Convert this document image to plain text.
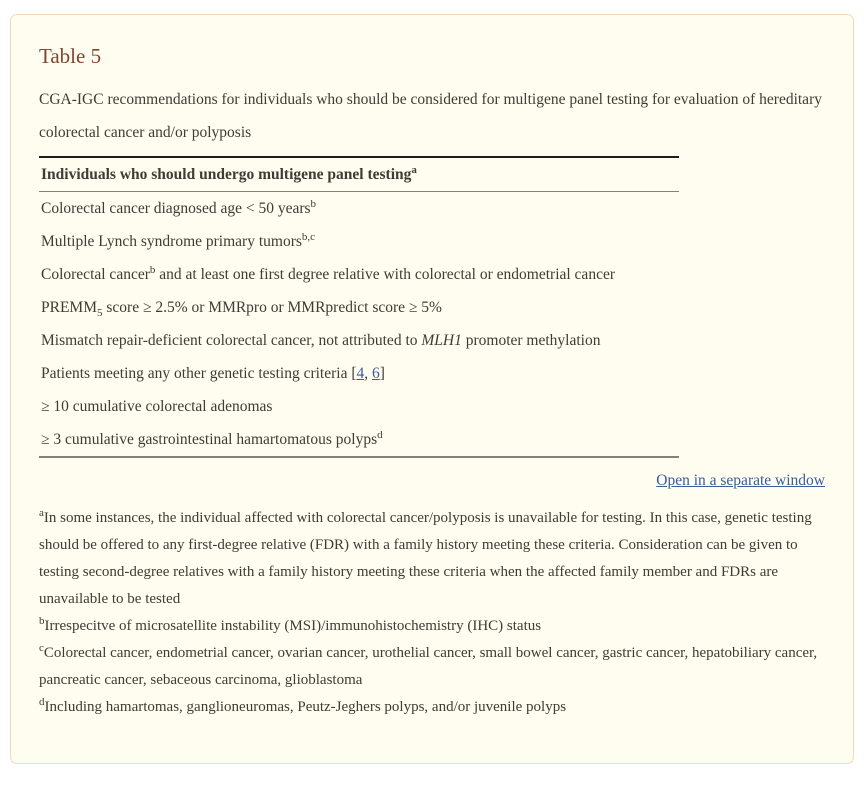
Table 5

CGA-IGC recommendations for individuals who should be considered for multigene panel testing for evaluation of hereditary colorectal cancer and/or polyposis

Individuals who should undergo multigene panel testing$^a$
Colorectal cancer diagnosed age < 50 years$^b$
Multiple Lynch syndrome primary tumors$^{b,c}$
Colorectal cancer$^b$ and at least one first degree relative with colorectal or endometrial cancer
$PREMM_5$ score ≥ 2.5% or MMRpro or MMRpredict score ≥ 5%
Mismatch repair-deficient colorectal cancer, not attributed to MLH1 promoter methylation
Patients meeting any other genetic testing criteria [4, 6]
≥ 10 cumulative colorectal adenomas
≥ 3 cumulative gastrointestinal hamartomatous polyps$^d$
Open in a separate window

$^a$In some instances, the individual affected with colorectal cancer/polyposis is unavailable for testing. In this case, genetic testing should be offered to any first-degree relative (FDR) with a family history meeting these criteria. Consideration can be given to testing second-degree relatives with a family history meeting these criteria when the affected family member and FDRs are unavailable to be tested

$^b$Irrespecitve of microsatellite instability (MSI)/immunohistochemistry (IHC) status

$^c$Colorectal cancer, endometrial cancer, ovarian cancer, urothelial cancer, small bowel cancer, gastric cancer, hepatobiliary cancer, pancreatic cancer, sebaceous carcinoma, glioblastoma

$^d$Including hamartomas, ganglioneuromas, Peutz-Jeghers polyps, and/or juvenile polyps
